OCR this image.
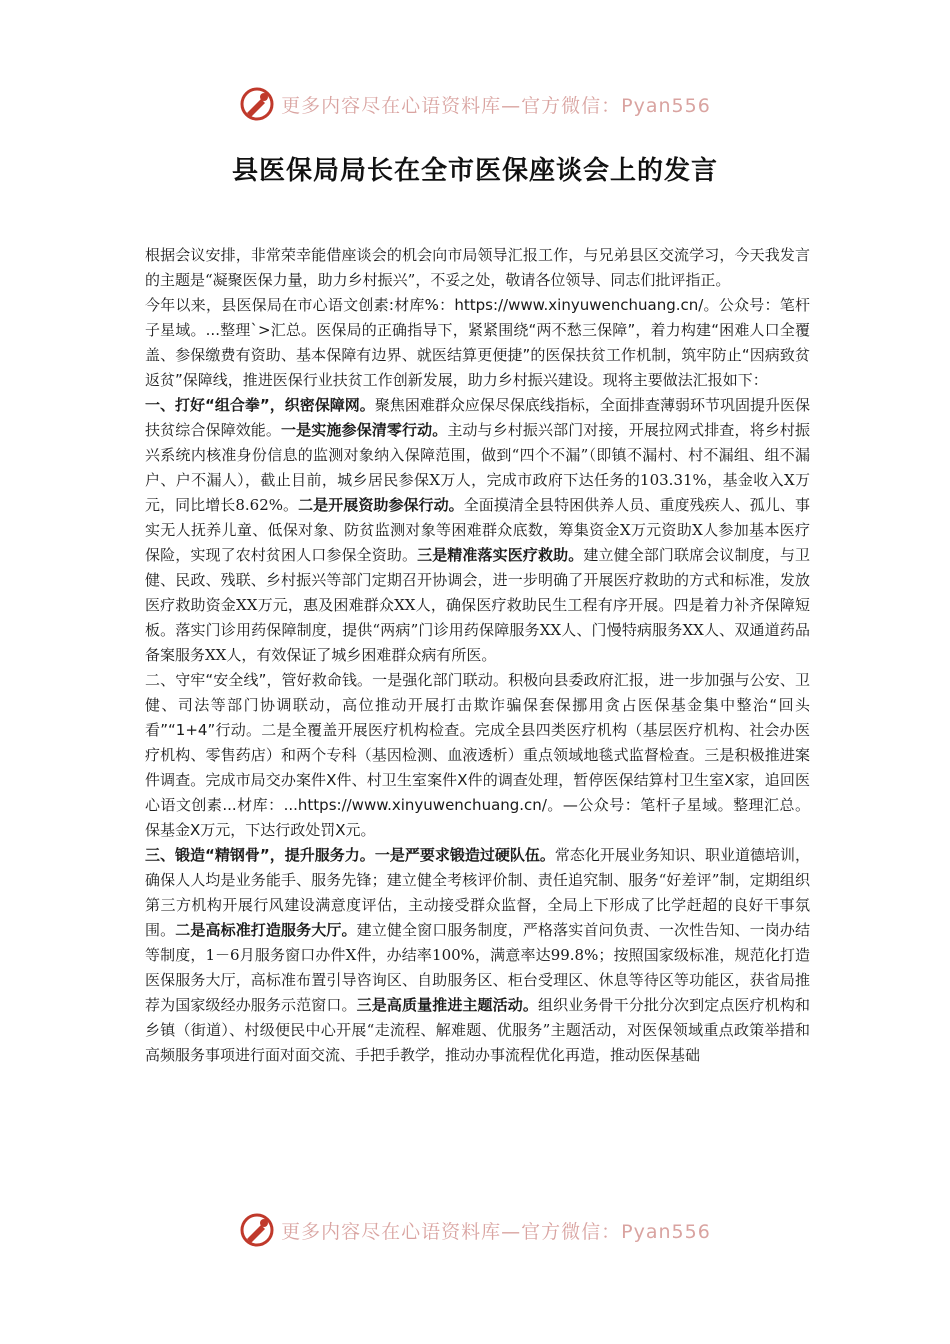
更多内容尽在心语资料库—官方微信：Pyan556
县医保局局长在全市医保座谈会上的发言

根据会议安排，非常荣幸能借座谈会的机会向市局领导汇报工作，与兄弟县区交流学习，今天我发言的主题是“凝聚医保力量，助力乡村振兴”，不妥之处，敬请各位领导、同志们批评指正。

今年以来，县医保局在市心语文创素:材库%：https://www.xinyuwenchuang.cn/。公众号：笔杆子星域。...整理`>汇总。医保局的正确指导下，紧紧围绕“两不愁三保障”，着力构建“困难人口全覆盖、参保缴费有资助、基本保障有边界、就医结算更便捷”的医保扶贫工作机制，筑牢防止“因病致贫返贫”保障线，推进医保行业扶贫工作创新发展，助力乡村振兴建设。现将主要做法汇报如下：

一、打好“组合拳”，织密保障网。聚焦困难群众应保尽保底线指标，全面排查薄弱环节巩固提升医保扶贫综合保障效能。一是实施参保清零行动。主动与乡村振兴部门对接，开展拉网式排查，将乡村振兴系统内核准身份信息的监测对象纳入保障范围，做到“四个不漏”（即镇不漏村、村不漏组、组不漏户、户不漏人），截止目前，城乡居民参保X万人，完成市政府下达任务的103.31%，基金收入X万元，同比增长8.62%。二是开展资助参保行动。全面摸清全县特困供养人员、重度残疾人、孤儿、事实无人抚养儿童、低保对象、防贫监测对象等困难群众底数，筹集资金X万元资助X人参加基本医疗保险，实现了农村贫困人口参保全资助。三是精准落实医疗救助。建立健全部门联席会议制度，与卫健、民政、残联、乡村振兴等部门定期召开协调会，进一步明确了开展医疗救助的方式和标准，发放医疗救助资金XX万元，惠及困难群众XX人，确保医疗救助民生工程有序开展。四是着力补齐保障短板。落实门诊用药保障制度，提供“两病”门诊用药保障服务XX人、门慢特病服务XX人、双通道药品备案服务XX人，有效保证了城乡困难群众病有所医。

二、守牢“安全线”，管好救命钱。一是强化部门联动。积极向县委政府汇报，进一步加强与公安、卫健、司法等部门协调联动，高位推动开展打击欺诈骗保套保挪用贪占医保基金集中整治“回头看”“1+4”行动。二是全覆盖开展医疗机构检查。完成全县四类医疗机构（基层医疗机构、社会办医疗机构、零售药店）和两个专科（基因检测、血液透析）重点领域地毯式监督检查。三是积极推进案件调查。完成市局交办案件X件、村卫生室案件X件的调查处理，暂停医保结算村卫生室X家，追回医心语文创素...材库：...https://www.xinyuwenchuang.cn/。—公众号：笔杆子星域。整理汇总。保基金X万元，下达行政处罚X元。

三、锻造“精钢骨”，提升服务力。一是严要求锻造过硬队伍。常态化开展业务知识、职业道德培训，确保人人均是业务能手、服务先锋；建立健全考核评价制、责任追究制、服务“好差评”制，定期组织第三方机构开展行风建设满意度评估，主动接受群众监督，全局上下形成了比学赶超的良好干事氛围。二是高标准打造服务大厅。建立健全窗口服务制度，严格落实首问负责、一次性告知、一岗办结等制度，1－6月服务窗口办件X件，办结率100%，满意率达99.8%；按照国家级标准，规范化打造医保服务大厅，高标准布置引导咨询区、自助服务区、柜台受理区、休息等待区等功能区，获省局推荐为国家级经办服务示范窗口。三是高质量推进主题活动。组织业务骨干分批分次到定点医疗机构和乡镇（街道）、村级便民中心开展“走流程、解难题、优服务”主题活动，对医保领域重点政策举措和高频服务事项进行面对面交流、手把手教学，推动办事流程优化再造，推动医保基础

更多内容尽在心语资料库—官方微信：Pyan556
